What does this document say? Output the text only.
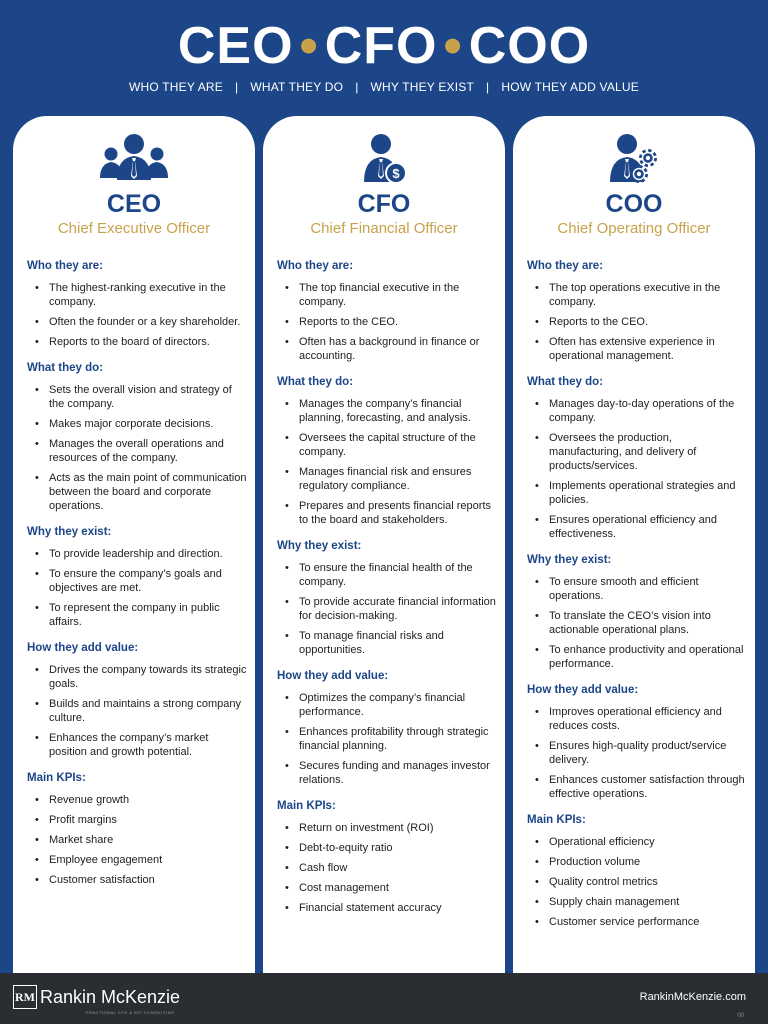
CEO • CFO • COO
WHO THEY ARE | WHAT THEY DO | WHY THEY EXIST | HOW THEY ADD VALUE
CEO
Chief Executive Officer
Who they are:
• The highest-ranking executive in the company.
• Often the founder or a key shareholder.
• Reports to the board of directors.
What they do:
• Sets the overall vision and strategy of the company.
• Makes major corporate decisions.
• Manages the overall operations and resources of the company.
• Acts as the main point of communication between the board and corporate operations.
Why they exist:
• To provide leadership and direction.
• To ensure the company’s goals and objectives are met.
• To represent the company in public affairs.
How they add value:
• Drives the company towards its strategic goals.
• Builds and maintains a strong company culture.
• Enhances the company’s market position and growth potential.
Main KPIs:
• Revenue growth
• Profit margins
• Market share
• Employee engagement
• Customer satisfaction
$
CFO
Chief Financial Officer
Who they are:
• The top financial executive in the company.
• Reports to the CEO.
• Often has a background in finance or accounting.
What they do:
• Manages the company’s financial planning, forecasting, and analysis.
• Oversees the capital structure of the company.
• Manages financial risk and ensures regulatory compliance.
• Prepares and presents financial reports to the board and stakeholders.
Why they exist:
• To ensure the financial health of the company.
• To provide accurate financial information for decision-making.
• To manage financial risks and opportunities.
How they add value:
• Optimizes the company’s financial performance.
• Enhances profitability through strategic financial planning.
• Secures funding and manages investor relations.
Main KPIs:
• Return on investment (ROI)
• Debt-to-equity ratio
• Cash flow
• Cost management
• Financial statement accuracy
COO
Chief Operating Officer
Who they are:
• The top operations executive in the company.
• Reports to the CEO.
• Often has extensive experience in operational management.
What they do:
• Manages day-to-day operations of the company.
• Oversees the production, manufacturing, and delivery of products/services.
• Implements operational strategies and policies.
• Ensures operational efficiency and effectiveness.
Why they exist:
• To ensure smooth and efficient operations.
• To translate the CEO’s vision into actionable operational plans.
• To enhance productivity and operational performance.
How they add value:
• Improves operational efficiency and reduces costs.
• Ensures high-quality product/service delivery.
• Enhances customer satisfaction through effective operations.
Main KPIs:
• Operational efficiency
• Production volume
• Quality control metrics
• Supply chain management
• Customer service performance
RM Rankin McKenzie
FRACTIONAL CFO & KPI CONSULTING
RankinMcKenzie.com
00
